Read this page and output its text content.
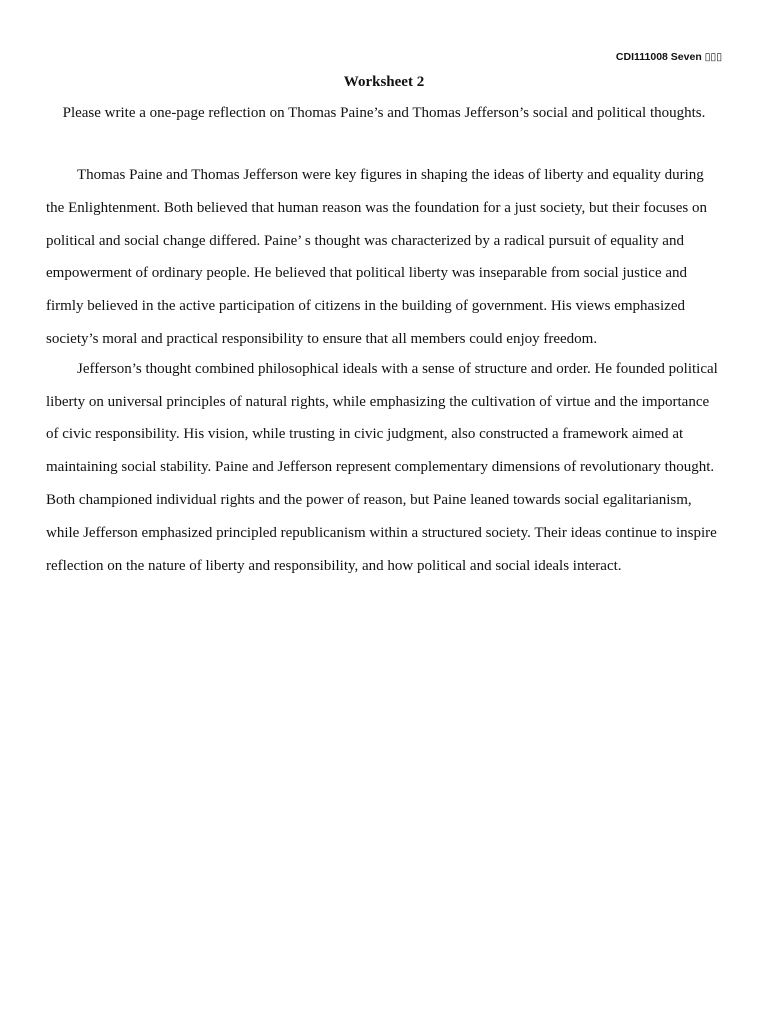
CDI111008 Seven ▯▯▯
Worksheet 2
Please write a one-page reflection on Thomas Paine’s and Thomas Jefferson’s social and political thoughts.

Thomas Paine and Thomas Jefferson were key figures in shaping the ideas of liberty and equality during the Enlightenment. Both believed that human reason was the foundation for a just society, but their focuses on political and social change differed. Paine’ s thought was characterized by a radical pursuit of equality and empowerment of ordinary people. He believed that political liberty was inseparable from social justice and firmly believed in the active participation of citizens in the building of government. His views emphasized society’s moral and practical responsibility to ensure that all members could enjoy freedom.

Jefferson’s thought combined philosophical ideals with a sense of structure and order. He founded political liberty on universal principles of natural rights, while emphasizing the cultivation of virtue and the importance of civic responsibility. His vision, while trusting in civic judgment, also constructed a framework aimed at maintaining social stability. Paine and Jefferson represent complementary dimensions of revolutionary thought. Both championed individual rights and the power of reason, but Paine leaned towards social egalitarianism, while Jefferson emphasized principled republicanism within a structured society. Their ideas continue to inspire reflection on the nature of liberty and responsibility, and how political and social ideals interact.
